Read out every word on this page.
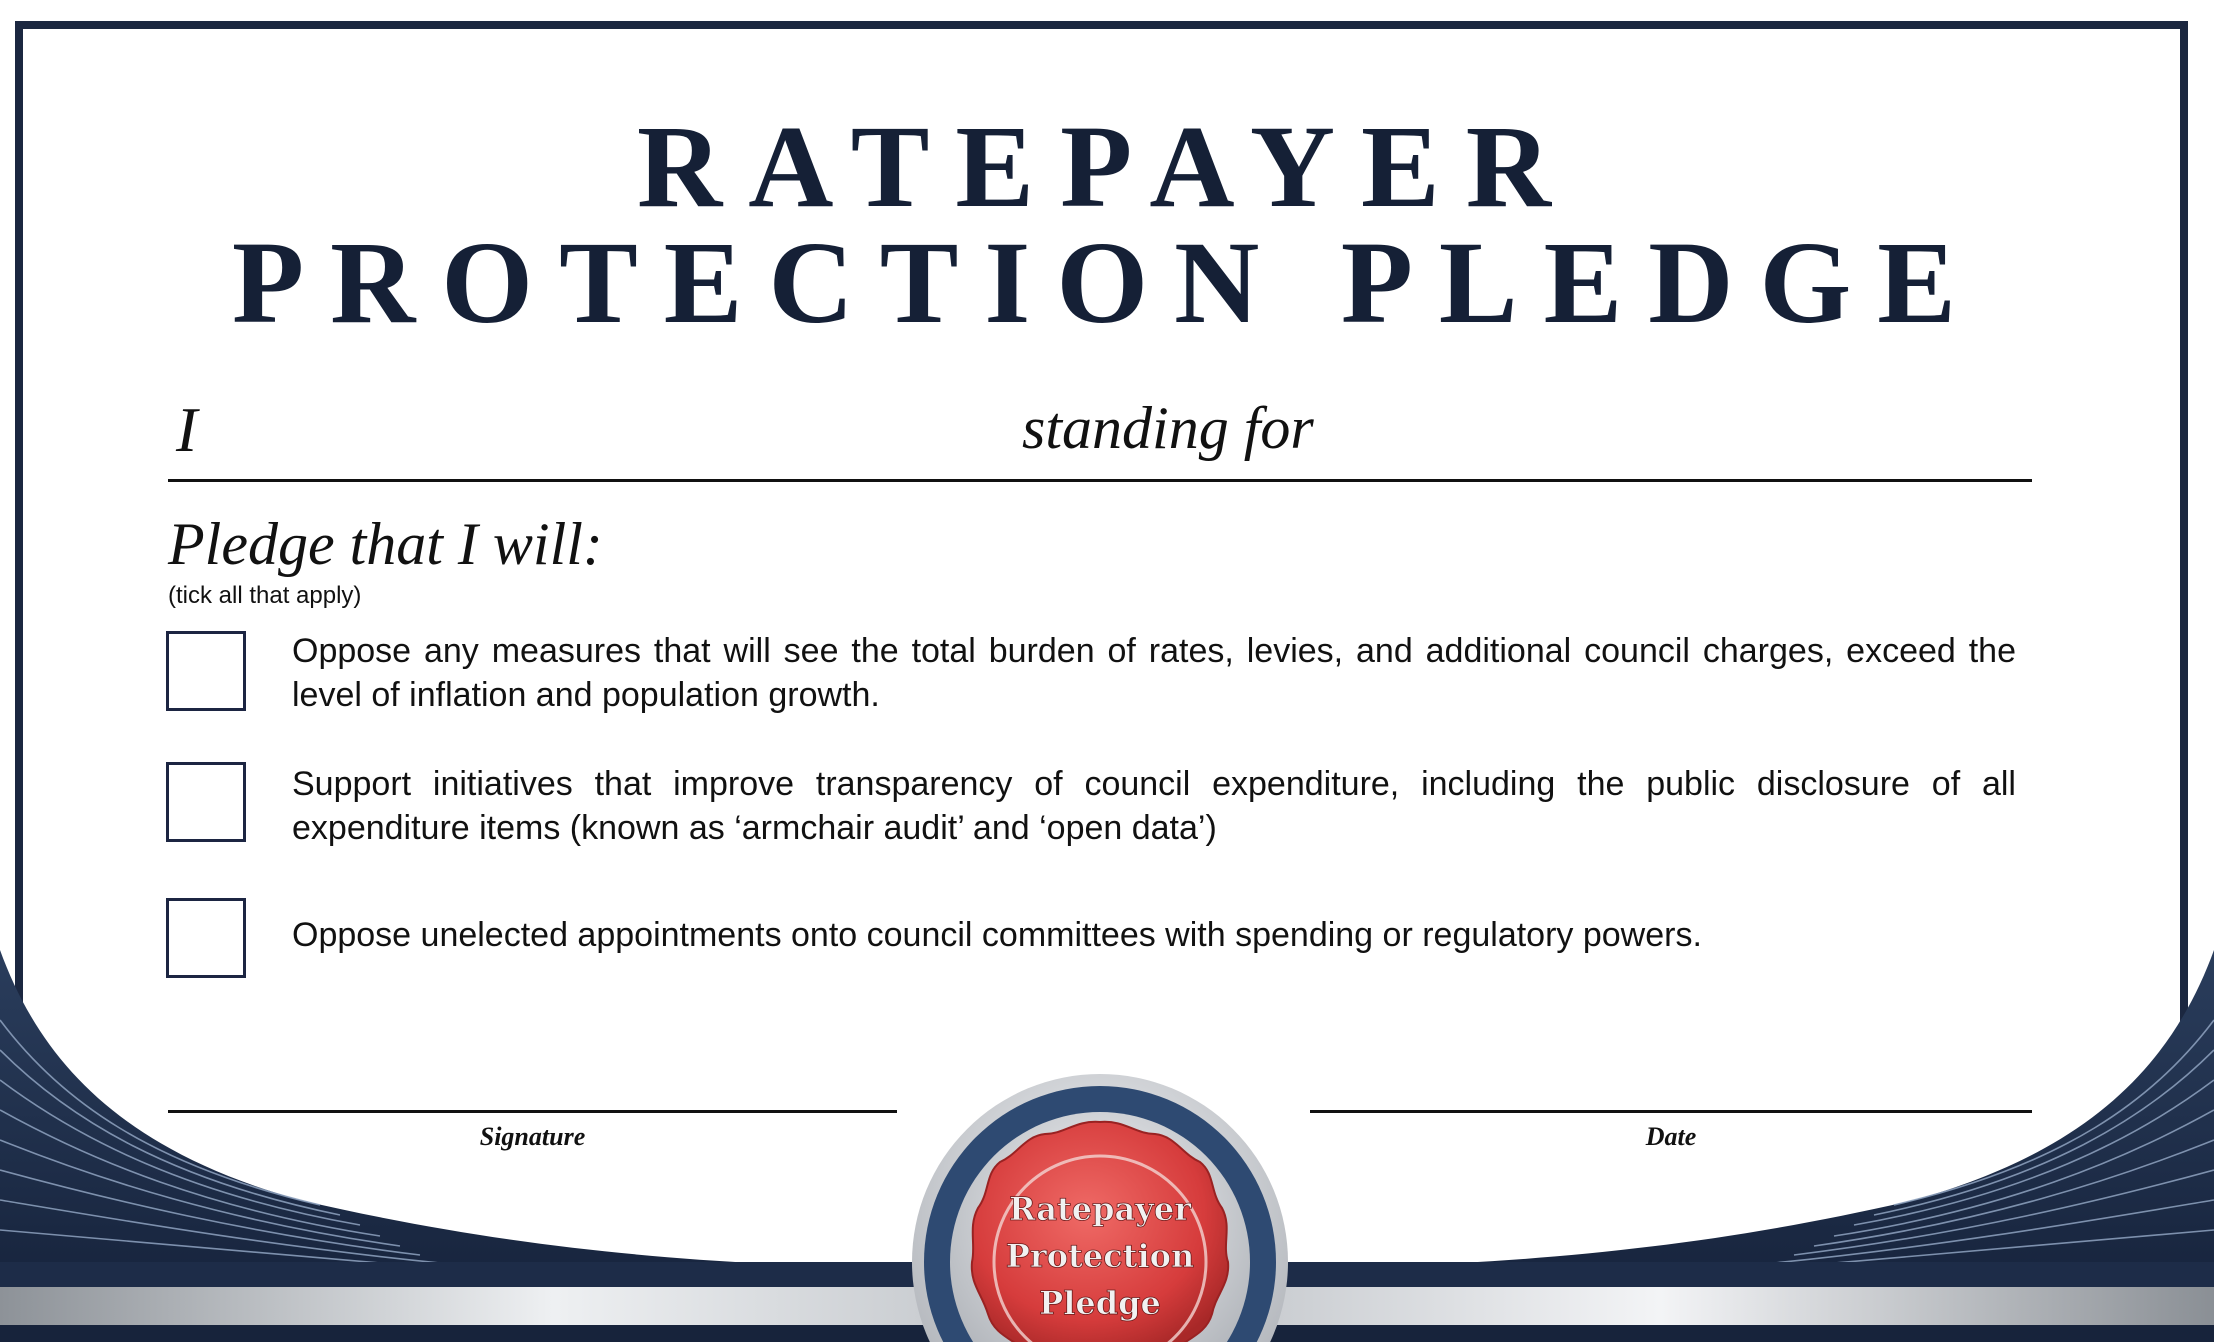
RATEPAYER
PROTECTION PLEDGE
I	standing for
Pledge that I will:
(tick all that apply)
Oppose any measures that will see the total burden of rates, levies, and additional council charges, exceed the level of inflation and population growth.
Support initiatives that improve transparency of council expenditure, including the public disclosure of all expenditure items (known as ‘armchair audit’ and ‘open data’)
Oppose unelected appointments onto council committees with spending or regulatory powers.
Signature	Date
Ratepayer
Protection
Pledge
